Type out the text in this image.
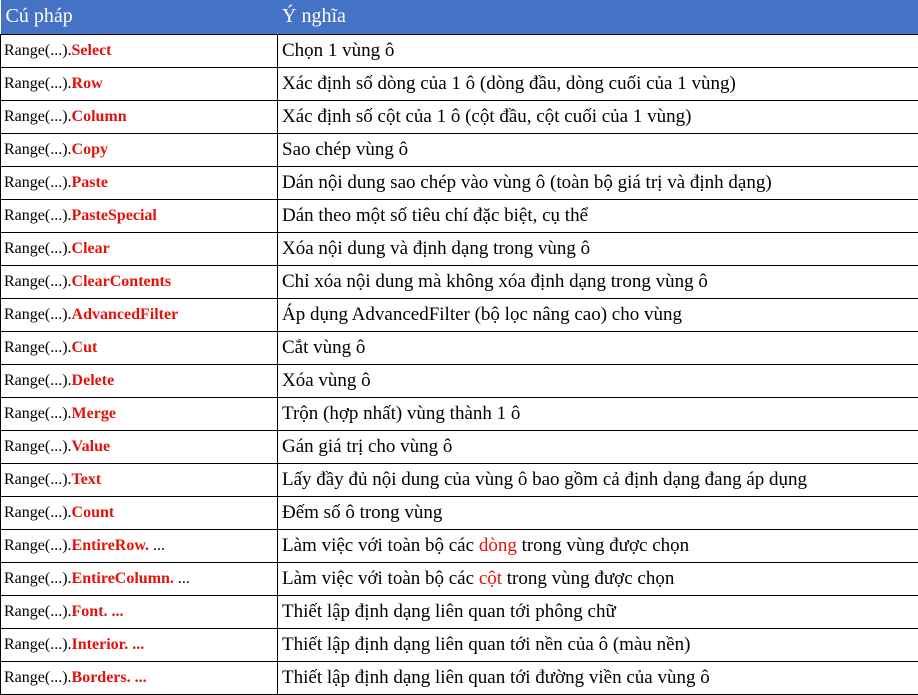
Cú pháp	Ý nghĩa
Range(...).Select	Chọn 1 vùng ô
Range(...).Row	Xác định số dòng của 1 ô (dòng đầu, dòng cuối của 1 vùng)
Range(...).Column	Xác định số cột của 1 ô (cột đầu, cột cuối của 1 vùng)
Range(...).Copy	Sao chép vùng ô
Range(...).Paste	Dán nội dung sao chép vào vùng ô (toàn bộ giá trị và định dạng)
Range(...).PasteSpecial	Dán theo một số tiêu chí đặc biệt, cụ thể
Range(...).Clear	Xóa nội dung và định dạng trong vùng ô
Range(...).ClearContents	Chỉ xóa nội dung mà không xóa định dạng trong vùng ô
Range(...).AdvancedFilter	Áp dụng AdvancedFilter (bộ lọc nâng cao) cho vùng
Range(...).Cut	Cắt vùng ô
Range(...).Delete	Xóa vùng ô
Range(...).Merge	Trộn (hợp nhất) vùng thành 1 ô
Range(...).Value	Gán giá trị cho vùng ô
Range(...).Text	Lấy đầy đủ nội dung của vùng ô bao gồm cả định dạng đang áp dụng
Range(...).Count	Đếm số ô trong vùng
Range(...).EntireRow. ...	Làm việc với toàn bộ các dòng trong vùng được chọn
Range(...).EntireColumn. ...	Làm việc với toàn bộ các cột trong vùng được chọn
Range(...).Font. ...	Thiết lập định dạng liên quan tới phông chữ
Range(...).Interior. ...	Thiết lập định dạng liên quan tới nền của ô (màu nền)
Range(...).Borders. ...	Thiết lập định dạng liên quan tới đường viền của vùng ô
